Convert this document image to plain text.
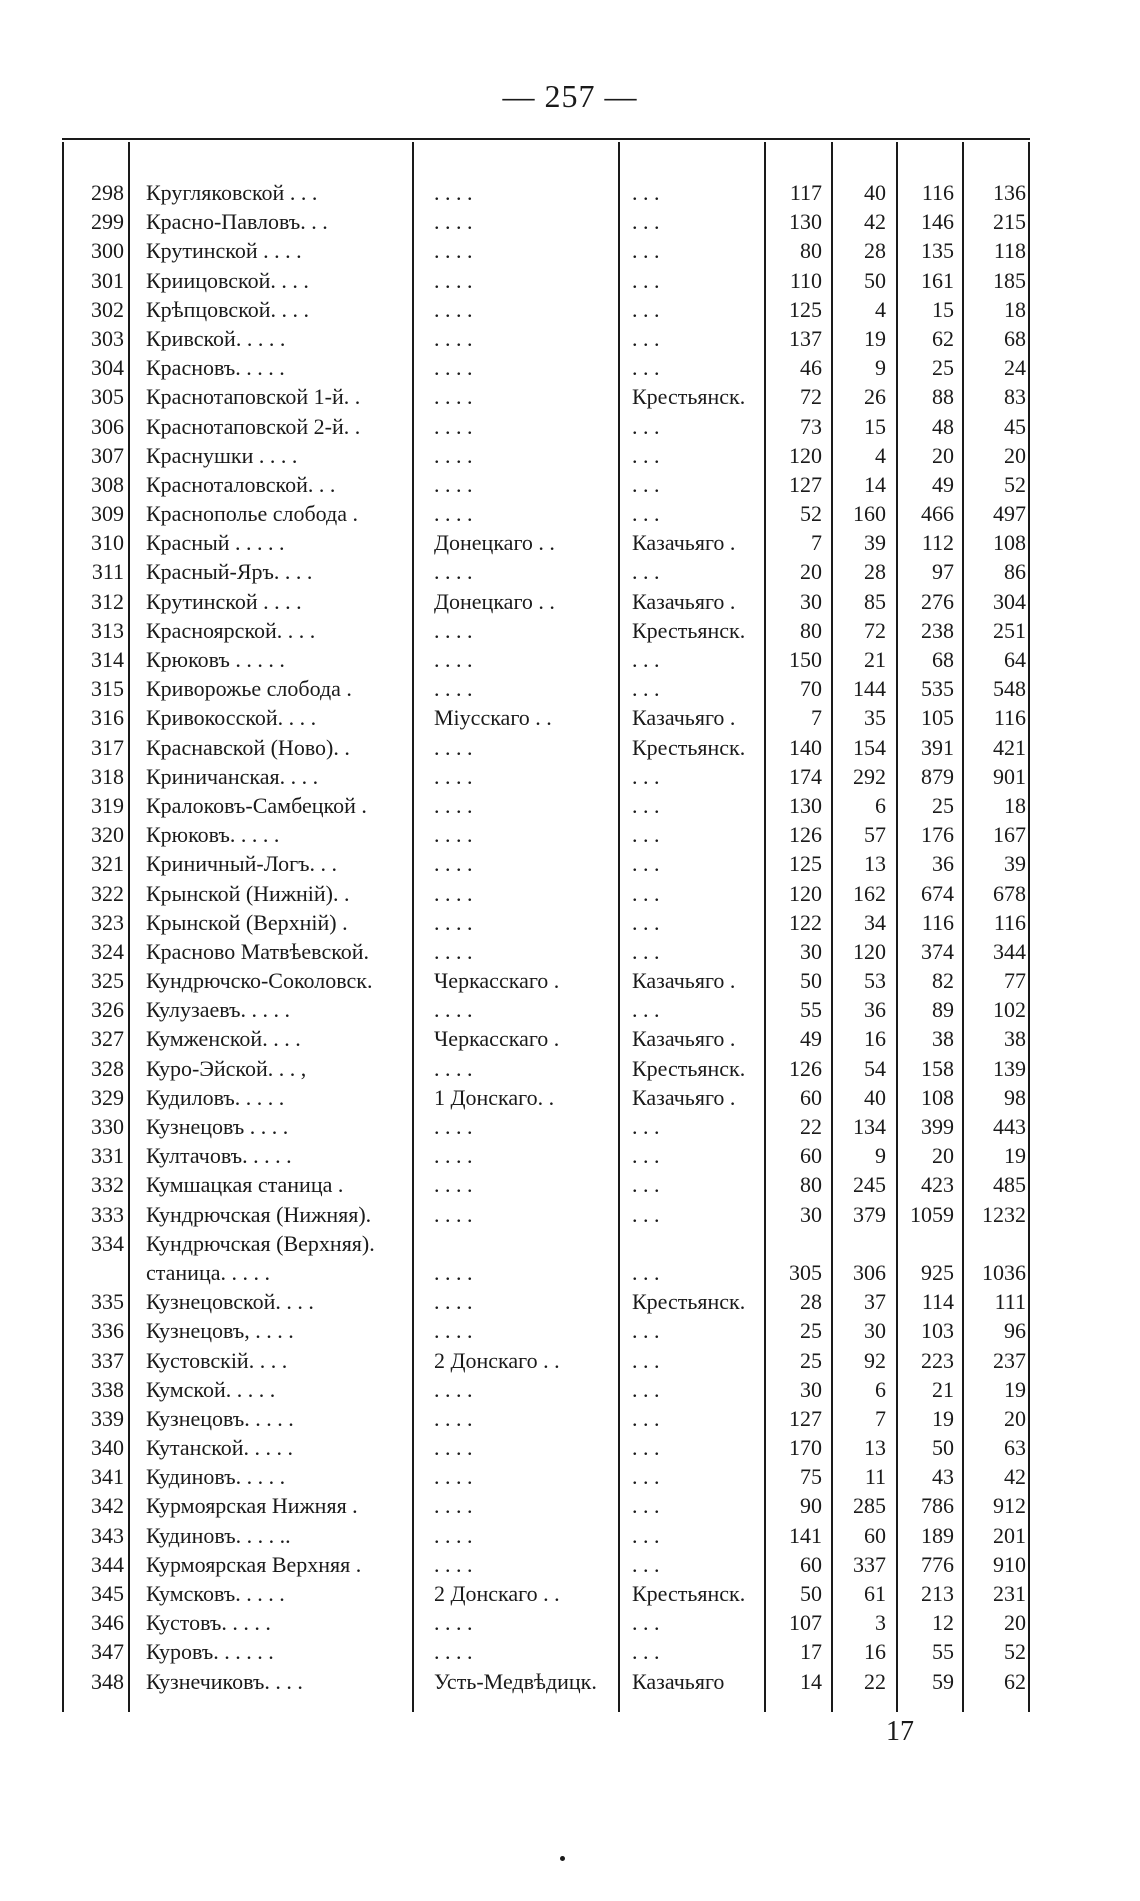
— 257 —
298 Кругляковской . . .	. . . .	. . .	117	40	116	136
299 Красно-Павловъ. . .	. . . .	. . .	130	42	146	215
300 Крутинской . . . .	. . . .	. . .	80	28	135	118
301 Криицовской. . . .	. . . .	. . .	110	50	161	185
302 Крѣпцовской. . . .	. . . .	. . .	125	4	15	18
303 Кривской. . . . .	. . . .	. . .	137	19	62	68
304 Красновъ. . . . .	. . . .	. . .	46	9	25	24
305 Краснотаповской 1-й. .	. . . .	Крестьянск.	72	26	88	83
306 Краснотаповской 2-й. .	. . . .	. . .	73	15	48	45
307 Краснушки . . . .	. . . .	. . .	120	4	20	20
308 Красноталовской. . .	. . . .	. . .	127	14	49	52
309 Краснополье слобода .	. . . .	. . .	52	160	466	497
310 Красный . . . . .	Донецкаго . .	Казачьяго .	7	39	112	108
311 Красный-Яръ. . . .	. . . .	. . .	20	28	97	86
312 Крутинской . . . .	Донецкаго . .	Казачьяго .	30	85	276	304
313 Красноярской. . . .	. . . .	Крестьянск.	80	72	238	251
314 Крюковъ . . . . .	. . . .	. . .	150	21	68	64
315 Криворожье слобода .	. . . .	. . .	70	144	535	548
316 Кривокосской. . . .	Міусскаго . .	Казачьяго .	7	35	105	116
317 Краснавской (Ново). .	. . . .	Крестьянск.	140	154	391	421
318 Криничанская. . . .	. . . .	. . .	174	292	879	901
319 Кралоковъ-Самбецкой .	. . . .	. . .	130	6	25	18
320 Крюковъ. . . . .	. . . .	. . .	126	57	176	167
321 Криничный-Логъ. . .	. . . .	. . .	125	13	36	39
322 Крынской (Нижній). .	. . . .	. . .	120	162	674	678
323 Крынской (Верхній) .	. . . .	. . .	122	34	116	116
324 Красново Матвѣевской.	. . . .	. . .	30	120	374	344
325 Кундрючско-Соколовск.	Черкасскаго .	Казачьяго .	50	53	82	77
326 Кулузаевъ. . . . .	. . . .	. . .	55	36	89	102
327 Кумженской. . . .	Черкасскаго .	Казачьяго .	49	16	38	38
328 Куро-Эйской. . . ,	. . . .	Крестьянск.	126	54	158	139
329 Кудиловъ. . . . .	1 Донскаго. .	Казачьяго .	60	40	108	98
330 Кузнецовъ . . . .	. . . .	. . .	22	134	399	443
331 Култачовъ. . . . .	. . . .	. . .	60	9	20	19
332 Кумшацкая станица .	. . . .	. . .	80	245	423	485
333 Кундрючская (Нижняя).	. . . .	. . .	30	379	1059	1232
334 Кундрючская (Верхняя).
станица. . . . .	. . . .	. . .	305	306	925	1036
335 Кузнецовской. . . .	. . . .	Крестьянск.	28	37	114	111
336 Кузнецовъ, . . . .	. . . .	. . .	25	30	103	96
337 Кустовскій. . . .	2 Донскаго . .	. . .	25	92	223	237
338 Кумской. . . . .	. . . .	. . .	30	6	21	19
339 Кузнецовъ. . . . .	. . . .	. . .	127	7	19	20
340 Кутанской. . . . .	. . . .	. . .	170	13	50	63
341 Кудиновъ. . . . .	. . . .	. . .	75	11	43	42
342 Курмоярская Нижняя .	. . . .	. . .	90	285	786	912
343 Кудиновъ. . . . ..	. . . .	. . .	141	60	189	201
344 Курмоярская Верхняя .	. . . .	. . .	60	337	776	910
345 Кумсковъ. . . . .	2 Донскаго . .	Крестьянск.	50	61	213	231
346 Кустовъ. . . . .	. . . .	. . .	107	3	12	20
347 Куровъ. . . . . .	. . . .	. . .	17	16	55	52
348 Кузнечиковъ. . . .	Усть-Медвѣдицк.	Казачьяго	14	22	59	62
17
